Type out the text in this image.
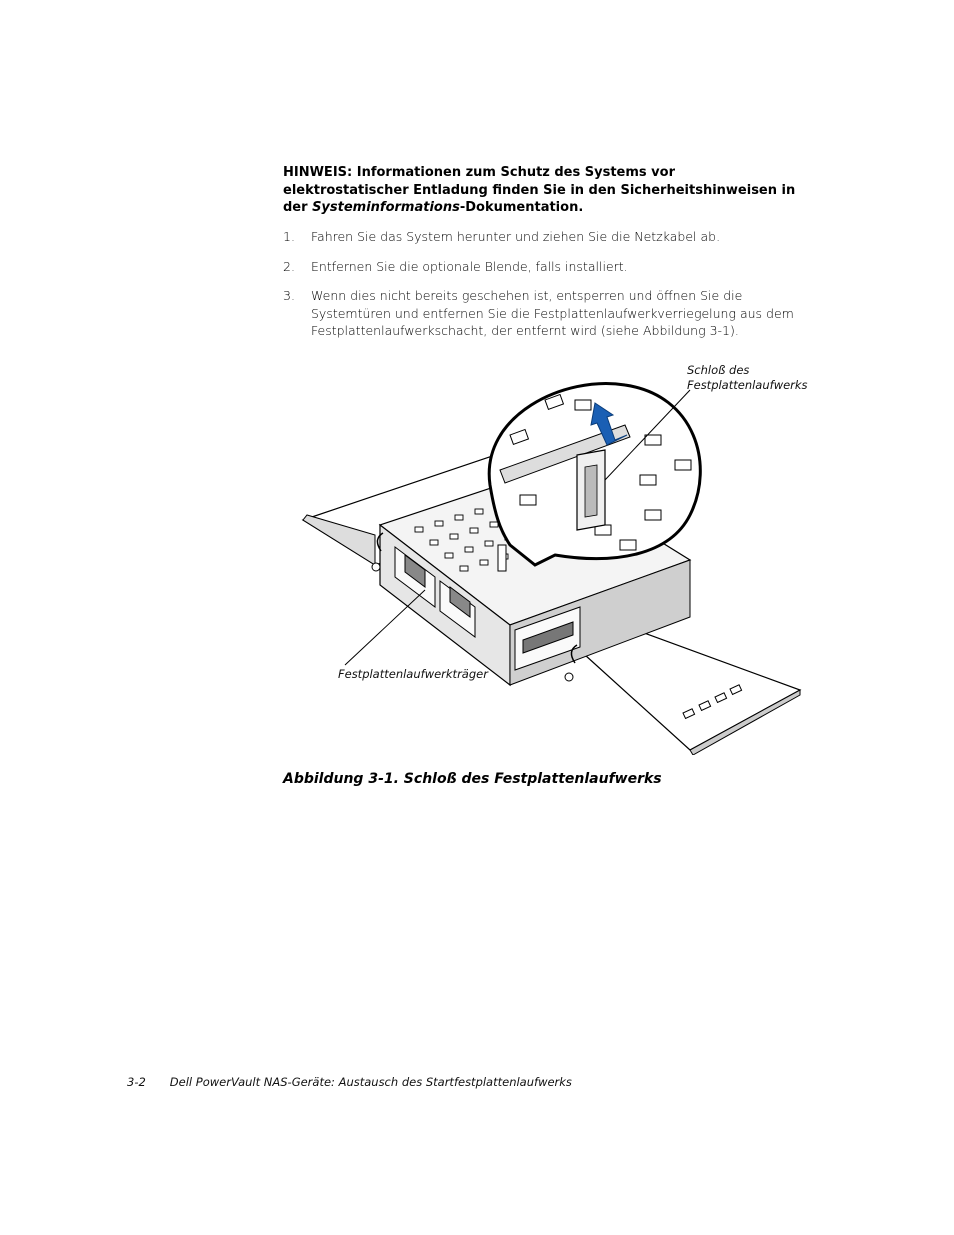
HINWEIS: Informationen zum Schutz des Systems vor elektrostatischer Entladung finden Sie in den Sicherheitshinweisen in der Systeminformations-Dokumentation.
1. Fahren Sie das System herunter und ziehen Sie die Netzkabel ab.
2. Entfernen Sie die optionale Blende, falls installiert.
3. Wenn dies nicht bereits geschehen ist, entsperren und öffnen Sie die Systemtüren und entfernen Sie die Festplattenlaufwerkverriegelung aus dem Festplattenlaufwerkschacht, der entfernt wird (siehe Abbildung 3-1).
Schloß des Festplattenlaufwerks
Festplattenlaufwerkträger
Abbildung 3-1. Schloß des Festplattenlaufwerks
3-2 Dell PowerVault NAS-Geräte: Austausch des Startfestplattenlaufwerks
